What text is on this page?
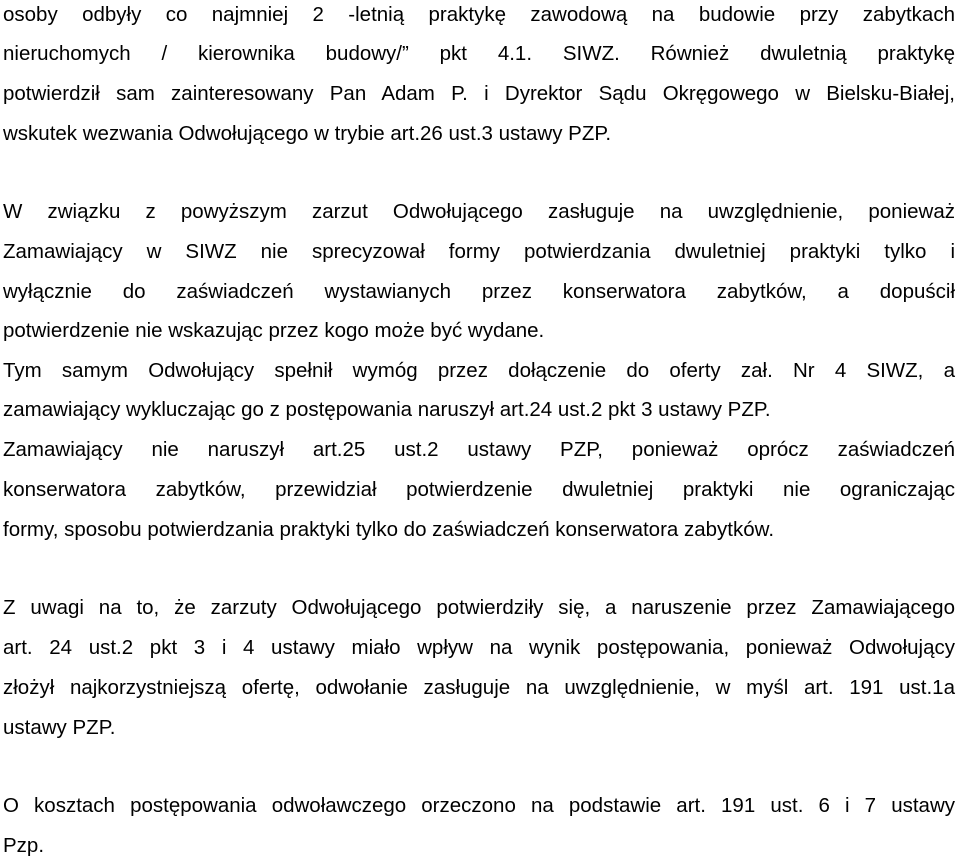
osoby odbyły co najmniej 2 -letnią praktykę zawodową na budowie przy zabytkach
nieruchomych / kierownika budowy/” pkt 4.1. SIWZ. Również dwuletnią praktykę
potwierdził sam zainteresowany Pan Adam P. i Dyrektor Sądu Okręgowego w Bielsku-Białej,
wskutek wezwania Odwołującego w trybie art.26 ust.3 ustawy PZP.
W związku z powyższym zarzut Odwołującego zasługuje na uwzględnienie, ponieważ
Zamawiający w SIWZ nie sprecyzował formy potwierdzania dwuletniej praktyki tylko i
wyłącznie do zaświadczeń wystawianych przez konserwatora zabytków, a dopuścił
potwierdzenie nie wskazując przez kogo może być wydane.
Tym samym Odwołujący spełnił wymóg przez dołączenie do oferty zał. Nr 4 SIWZ, a
zamawiający wykluczając go z postępowania naruszył art.24 ust.2 pkt 3 ustawy PZP.
Zamawiający nie naruszył art.25 ust.2 ustawy PZP, ponieważ oprócz zaświadczeń
konserwatora zabytków, przewidział potwierdzenie dwuletniej praktyki nie ograniczając
formy, sposobu potwierdzania praktyki tylko do zaświadczeń konserwatora zabytków.
Z uwagi na to, że zarzuty Odwołującego potwierdziły się, a naruszenie przez Zamawiającego
art. 24 ust.2 pkt 3 i 4 ustawy miało wpływ na wynik postępowania, ponieważ Odwołujący
złożył najkorzystniejszą ofertę, odwołanie zasługuje na uwzględnienie, w myśl art. 191 ust.1a
ustawy PZP.
O kosztach postępowania odwoławczego orzeczono na podstawie art. 191 ust. 6 i 7 ustawy
Pzp.
